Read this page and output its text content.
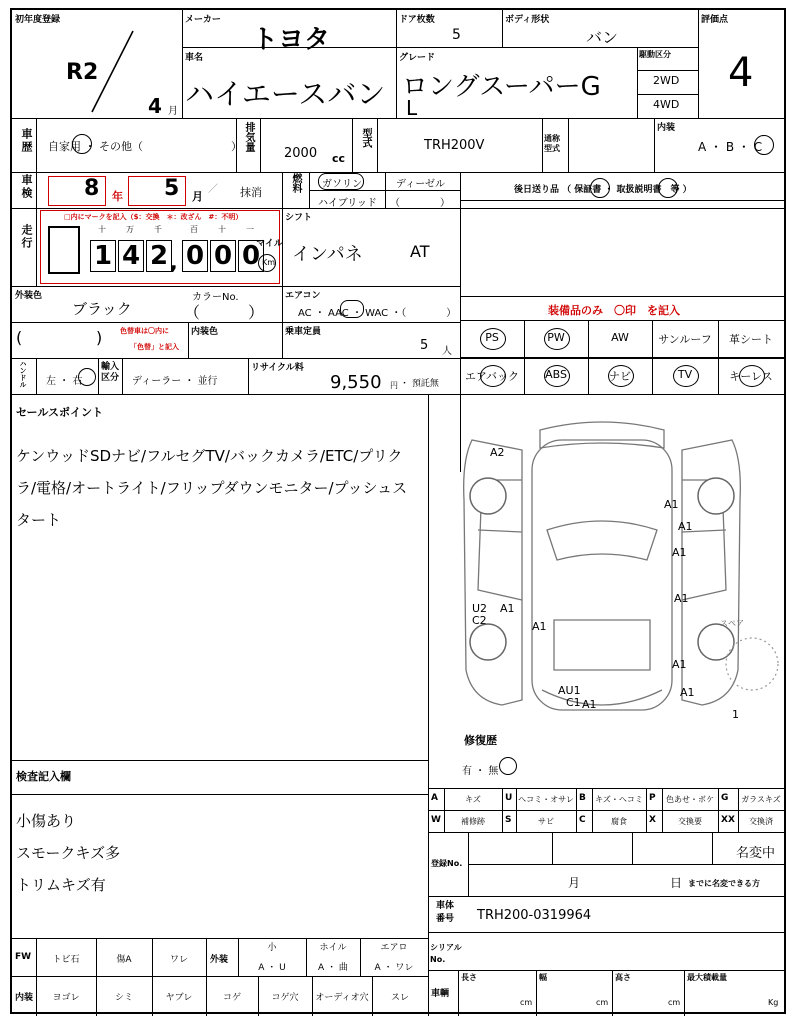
初年度登録
R2
4 月
メーカー
トヨタ
ドア枚数
5
ボディ形状
バン
評価点
4
車名
ハイエースバン
グレード
ロングスーパーG
L
駆動区分
2WD
4WD
車歴 自家用 ・ その他（　　　　　　　　） 排気量
2000 cc
型式	TRH200V	通称型式
内装
A ・ B ・ C
車検 8 年 5 月
／ 抹消	燃料 ガソリン	ディーゼル
ハイブリッド （　　　　）
後日送り品 （ 保証書 ・ 取扱説明書　等 ）
走行
□内にマークを記入（$：交換　＊：改ざん　#：不明）
十
1
万
4
千
2
百
0
十
0
一
0
,
マイル
Km
シフト
インパネ	AT
外装色
ブラック
カラーNo.
（　　　）
(	)	色替車は〇内に
「色替」と記入
内装色
エアコン
AC ・ AAC ・ WAC ・（　　　　）
乗車定員
5 人
装備品のみ　〇印　を記入
PS	PW	AW	サンルーフ	革シート
エアバック	ABS	ナビ	TV	キーレス
ハンドル 左 ・ 右
輸入区分 ディーラー ・ 並行
リサイクル料
9,550 円 ・ 預託無
セールスポイント
ケンウッドSDナビ/フルセグTV/バックカメラ/ETC/プリクラ/電格/オートライト/フリップダウンモニター/プッシュスタート
検査記入欄
小傷あり
スモークキズ多
トリムキズ有
A2
A1
A1
A1
A1
U2
C2
A1
A1
A1
AU1
C1 A1
A1	スペア
1
修復歴
有 ・ 無
A	キズ	U ヘコミ・オサレ B	キズ・ヘコミ P	色あせ・ボケ G	ガラスキズ
W	補修跡	S	サビ	C	腐食	X	交換要	XX	交換済
登録No.
名変中
月	日 までに名変できる方
車体番号	TRH200-0319964
シリアルNo.
車輌
長さ
cm
幅
cm
高さ
cm
最大積載量
Kg
FW	トビ石	傷A	ワレ	外装
小
A ・ U
ホイル
A ・ 曲
エアロ
A ・ ワレ
内装	ヨゴレ	シミ	ヤブレ	コゲ	コゲ穴	オーディオ穴	スレ
